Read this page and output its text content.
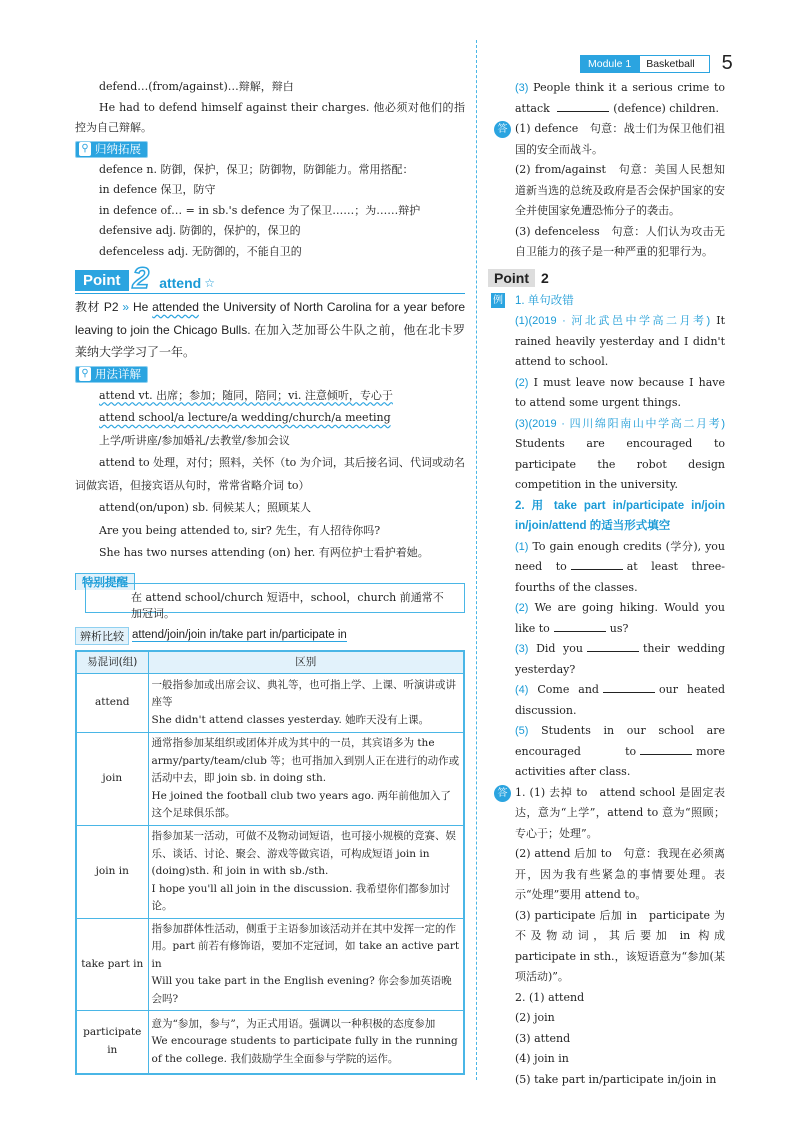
Module 1	Basketball	5
defend…(from/against)…辩解，辩白
He had to defend himself against their charges. 他必须对他们的指控为自己辩解。
⚲ 归纳拓展
defence n. 防御，保护，保卫；防御物，防御能力。常用搭配：
in defence 保卫，防守
in defence of… = in sb.'s defence 为了保卫……；为……辩护
defensive adj. 防御的，保护的，保卫的
defenceless adj. 无防御的，不能自卫的
Point 2 attend ☆
教材 P2 » He attended the University of North Carolina for a year before leaving to join the Chicago Bulls. 在加入芝加哥公牛队之前，他在北卡罗莱纳大学学习了一年。
⚲ 用法详解
attend vt. 出席；参加；随同，陪同；vi. 注意倾听，专心于
attend school/a lecture/a wedding/church/a meeting
上学/听讲座/参加婚礼/去教堂/参加会议
attend to 处理，对付；照料，关怀（to 为介词，其后接名词、代词或动名词做宾语，但接宾语从句时，常常省略介词 to）
attend(on/upon) sb. 伺候某人；照顾某人
Are you being attended to, sir? 先生，有人招待你吗?
She has two nurses attending (on) her. 有两位护士看护着她。
特别提醒
在 attend school/church 短语中，school，church 前通常不加冠词。
辨析比较 attend/join/join in/take part in/participate in
易混词(组)	区别
attend	一般指参加或出席会议、典礼等，也可指上学、上课、听演讲或讲座等
She didn't attend classes yesterday. 她昨天没有上课。

join	通常指参加某组织或团体并成为其中的一员，其宾语多为 the army/party/team/club 等；也可指加入到别人正在进行的动作或活动中去，即 join sb. in doing sth.
He joined the football club two years ago. 两年前他加入了这个足球俱乐部。

join in	指参加某一活动，可做不及物动词短语，也可接小规模的竞赛、娱乐、谈话、讨论、聚会、游戏等做宾语，可构成短语 join in (doing)sth. 和 join in with sb./sth.
I hope you'll all join in the discussion. 我希望你们都参加讨论。

take part in	指参加群体性活动，侧重于主语参加该活动并在其中发挥一定的作用。part 前若有修饰语，要加不定冠词，如 take an active part in
Will you take part in the English evening? 你会参加英语晚会吗?

participate in	意为“参加，参与”，为正式用语。强调以一种积极的态度参加
We encourage students to participate fully in the running of the college. 我们鼓励学生全面参与学院的运作。
(3) People think it a serious crime to attack	(defence) children.
答 (1) defence　句意：战士们为保卫他们祖国的安全而战斗。
(2) from/against　句意：美国人民想知道新当选的总统及政府是否会保护国家的安全并使国家免遭恐怖分子的袭击。
(3) defenceless　句意：人们认为攻击无自卫能力的孩子是一种严重的犯罪行为。
Point 2
例 1. 单句改错
(1)(2019 · 河北武邑中学高二月考) It rained heavily yesterday and I didn't attend to school.
(2) I must leave now because I have to attend some urgent things.
(3)(2019 · 四川绵阳南山中学高二月考) Students are encouraged to participate the robot design competition in the university.
2. 用 take part in/participate in/join in/join/attend 的适当形式填空
(1) To gain enough credits (学分), you need to	at least three-fourths of the classes.
(2) We are going hiking. Would you like to	us?
(3) Did you	their wedding yesterday?
(4) Come and	our heated discussion.
(5) Students in our school are encouraged to	more activities after class.
答 1. (1) 去掉 to　attend school 是固定表达，意为“上学”，attend to 意为“照顾；专心于；处理”。
(2) attend 后加 to　句意：我现在必须离开，因为我有些紧急的事情要处理。表示“处理”要用 attend to。
(3) participate 后加 in　participate 为不及物动词，其后要加 in 构成 participate in sth.，该短语意为“参加(某项活动)”。
2. (1) attend
(2) join
(3) attend
(4) join in
(5) take part in/participate in/join in
